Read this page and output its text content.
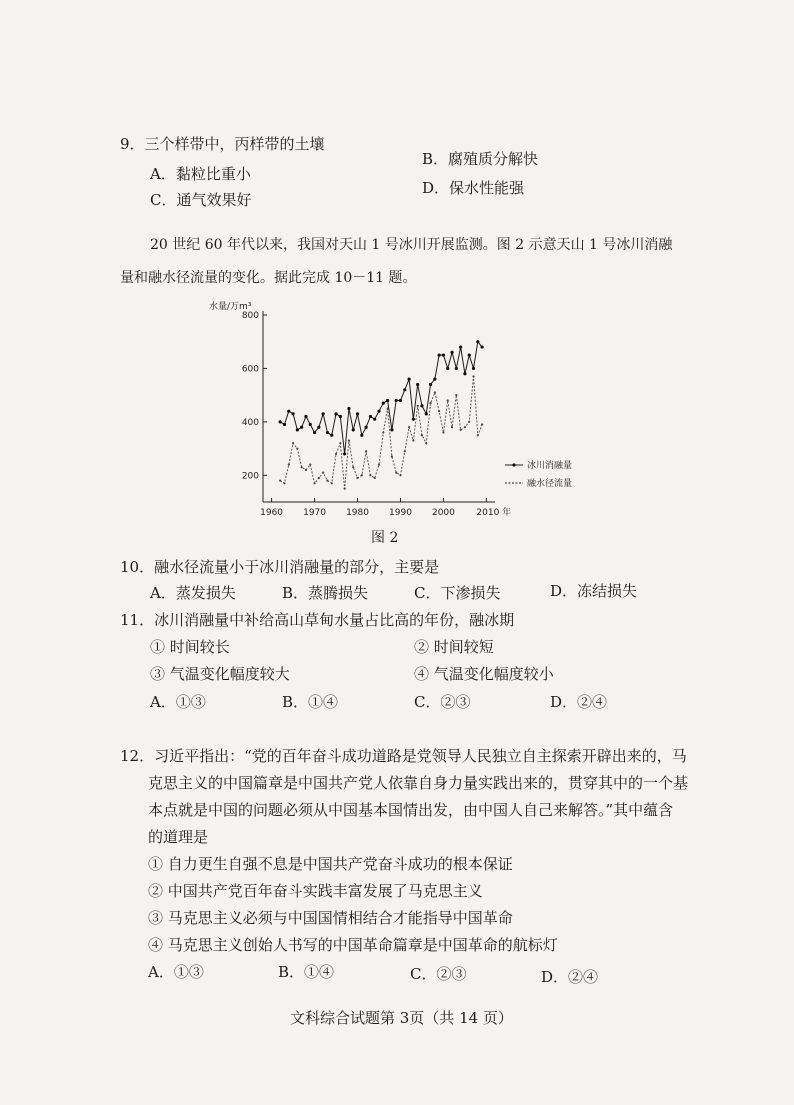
9．三个样带中，丙样带的土壤
A．黏粒比重小
B．腐殖质分解快
C．通气效果好
D．保水性能强
20 世纪 60 年代以来，我国对天山 1 号冰川开展监测。图 2 示意天山 1 号冰川消融
量和融水径流量的变化。据此完成 10－11 题。
水量/万m³
200
400
600
800
1960 1970 1980 1990 2000 2010 年
冰川消融量
融水径流量
图 2
10．融水径流量小于冰川消融量的部分，主要是
A．蒸发损失	B．蒸腾损失	C．下渗损失	D．冻结损失
11．冰川消融量中补给高山草甸水量占比高的年份，融冰期
① 时间较长	② 时间较短
③ 气温变化幅度较大	④ 气温变化幅度较小
A．①③	B．①④	C．②③	D．②④
12．习近平指出：“党的百年奋斗成功道路是党领导人民独立自主探索开辟出来的，马
克思主义的中国篇章是中国共产党人依靠自身力量实践出来的，贯穿其中的一个基
本点就是中国的问题必须从中国基本国情出发，由中国人自己来解答。”其中蕴含
的道理是
① 自力更生自强不息是中国共产党奋斗成功的根本保证
② 中国共产党百年奋斗实践丰富发展了马克思主义
③ 马克思主义必须与中国国情相结合才能指导中国革命
④ 马克思主义创始人书写的中国革命篇章是中国革命的航标灯
A．①③	B．①④	C．②③	D．②④
文科综合试题第 3页（共 14 页）
